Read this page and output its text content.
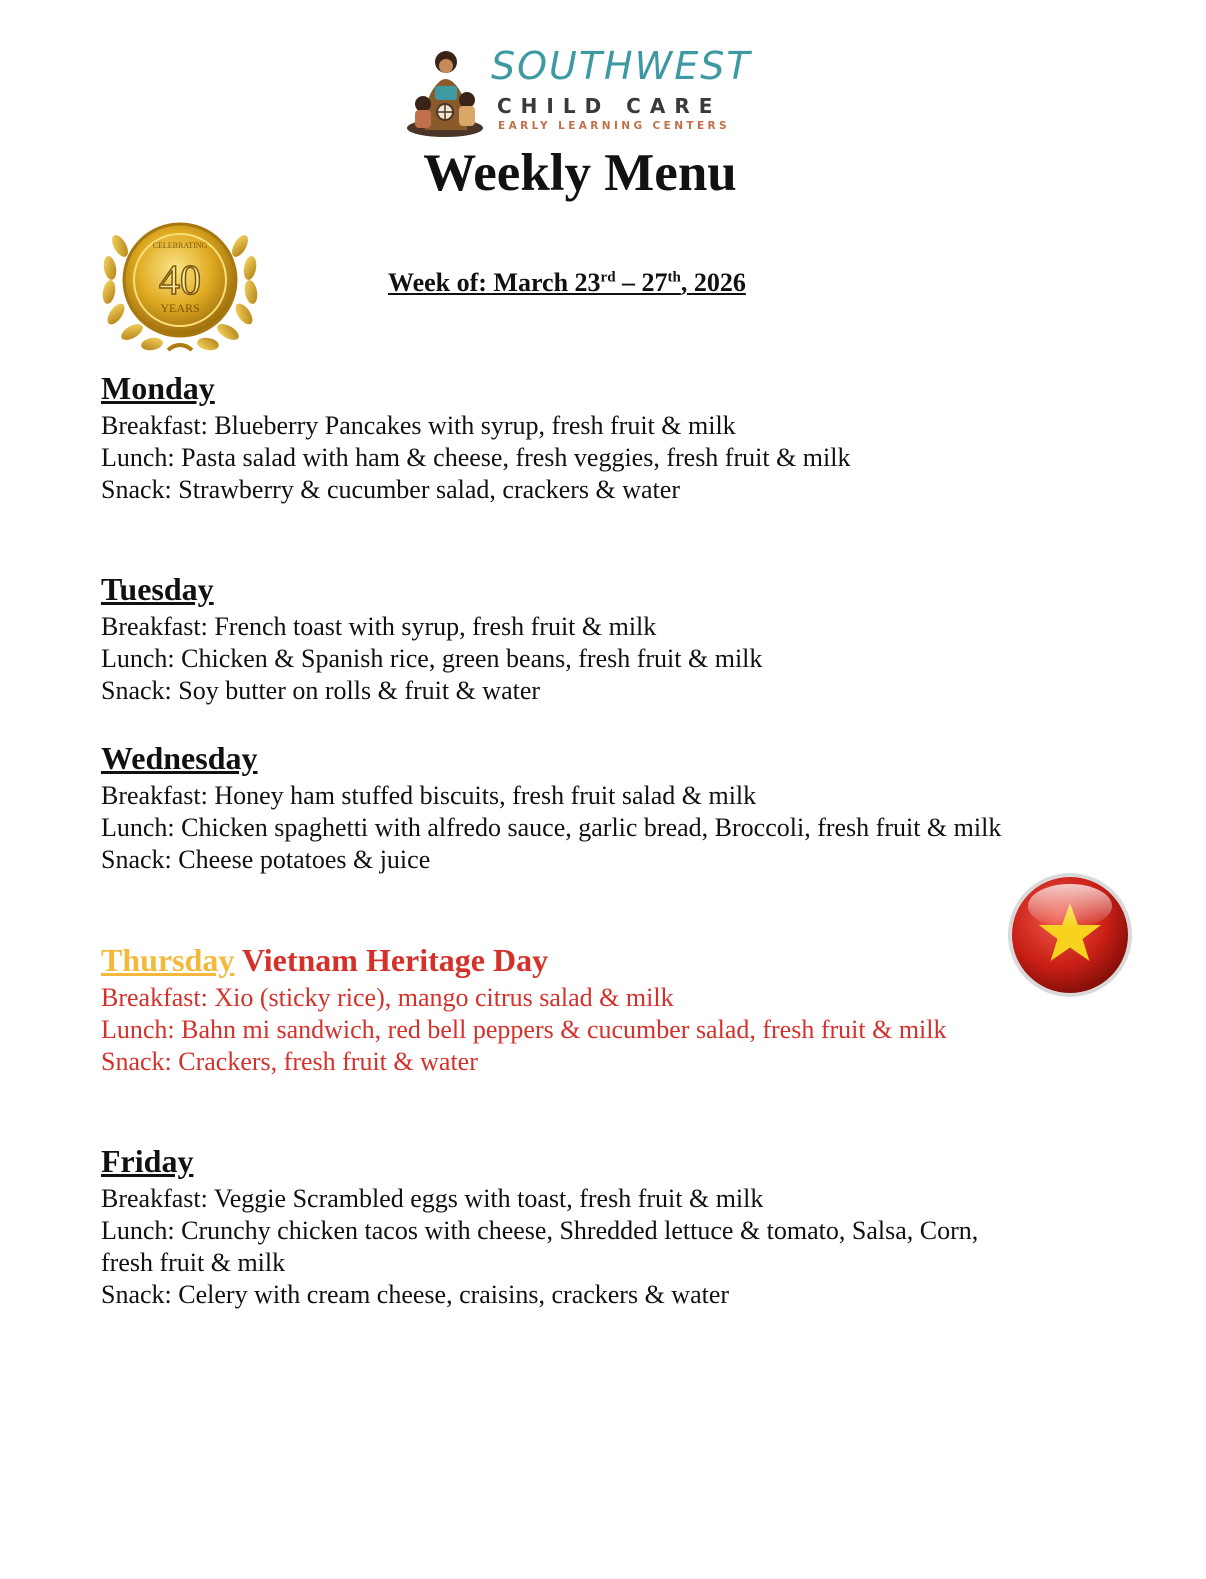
SOUTHWEST
CHILD CARE
EARLY LEARNING CENTERS
Weekly Menu
CELEBRATING
40
YEARS
Week of: March 23rd – 27th, 2026
Monday

Breakfast: Blueberry Pancakes with syrup, fresh fruit & milk

Lunch: Pasta salad with ham & cheese, fresh veggies, fresh fruit & milk

Snack: Strawberry & cucumber salad, crackers & water

Tuesday

Breakfast: French toast with syrup, fresh fruit & milk

Lunch: Chicken & Spanish rice, green beans, fresh fruit & milk

Snack: Soy butter on rolls & fruit & water

Wednesday

Breakfast: Honey ham stuffed biscuits, fresh fruit salad & milk

Lunch: Chicken spaghetti with alfredo sauce, garlic bread, Broccoli, fresh fruit & milk

Snack: Cheese potatoes & juice

Thursday Vietnam Heritage Day

Breakfast: Xio (sticky rice), mango citrus salad & milk

Lunch: Bahn mi sandwich, red bell peppers & cucumber salad, fresh fruit & milk

Snack: Crackers, fresh fruit & water

Friday

Breakfast: Veggie Scrambled eggs with toast, fresh fruit & milk

Lunch: Crunchy chicken tacos with cheese, Shredded lettuce & tomato, Salsa, Corn, fresh fruit & milk

Snack: Celery with cream cheese, craisins, crackers & water
